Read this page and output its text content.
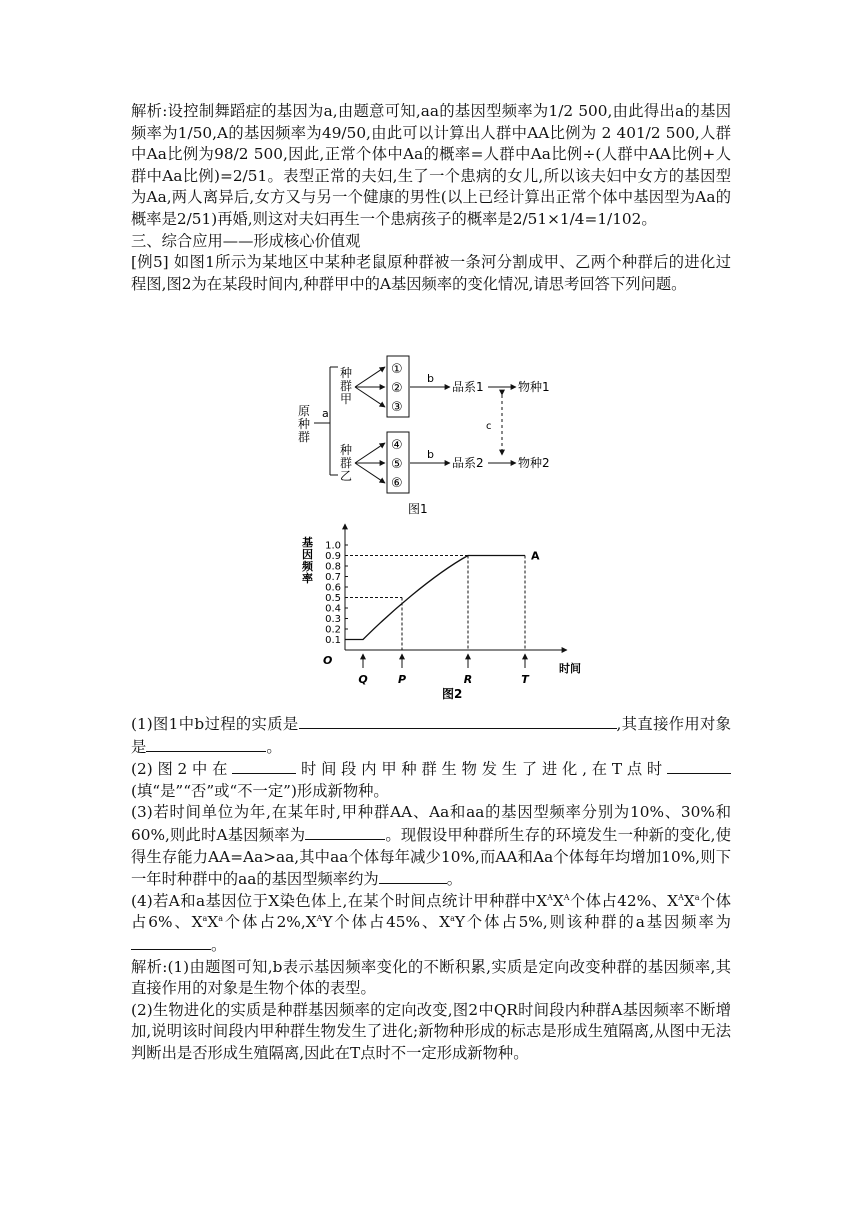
解析:设控制舞蹈症的基因为a,由题意可知,aa的基因型频率为1/2 500,由此得出a的基因频率为1/50,A的基因频率为49/50,由此可以计算出人群中AA比例为 2 401/2 500,人群中Aa比例为98/2 500,因此,正常个体中Aa的概率=人群中Aa比例÷(人群中AA比例+人群中Aa比例)=2/51。表型正常的夫妇,生了一个患病的女儿,所以该夫妇中女方的基因型为Aa,两人离异后,女方又与另一个健康的男性(以上已经计算出正常个体中基因型为Aa的概率是2/51)再婚,则这对夫妇再生一个患病孩子的概率是2/51×1/4=1/102。

三、综合应用——形成核心价值观

[例5] 如图1所示为某地区中某种老鼠原种群被一条河分割成甲、乙两个种群后的进化过程图,图2为在某段时间内,种群甲中的A基因频率的变化情况,请思考回答下列问题。

原
种
群
a
种
群
甲
种
群
乙
①
②
③
④
⑤
⑥
b
b
品系1
品系2
物种1
物种2
c
图1
0.1
0.2
0.3
0.4
0.5
0.6
0.7
0.8
0.9
1.0
基
因
频
率
O
Q	P	R	T
时间
A
图2

(1)图1中b过程的实质是	,其直接作用对象是	。

(2)图2中在	时间段内甲种群生物发生了进化,在T点时(填“是”“否”或“不一定”)形成新物种。

(3)若时间单位为年,在某年时,甲种群AA、Aa和aa的基因型频率分别为10%、30%和60%,则此时A基因频率为	。现假设甲种群所生存的环境发生一种新的变化,使得生存能力AA=Aa>aa,其中aa个体每年减少10%,而AA和Aa个体每年均增加10%,则下一年时种群中的aa的基因型频率约为	。

(4)若A和a基因位于X染色体上,在某个时间点统计甲种群中$X^AX^A$个体占42%、$X^AX^a$个体占6%、$X^aX^a$个体占$2\%,X^AY$个体占45%、$X^aY$个体占5%,则该种群的a基因频率为。

解析:(1)由题图可知,b表示基因频率变化的不断积累,实质是定向改变种群的基因频率,其直接作用的对象是生物个体的表型。

(2)生物进化的实质是种群基因频率的定向改变,图2中QR时间段内种群A基因频率不断增加,说明该时间段内甲种群生物发生了进化;新物种形成的标志是形成生殖隔离,从图中无法判断出是否形成生殖隔离,因此在T点时不一定形成新物种。
